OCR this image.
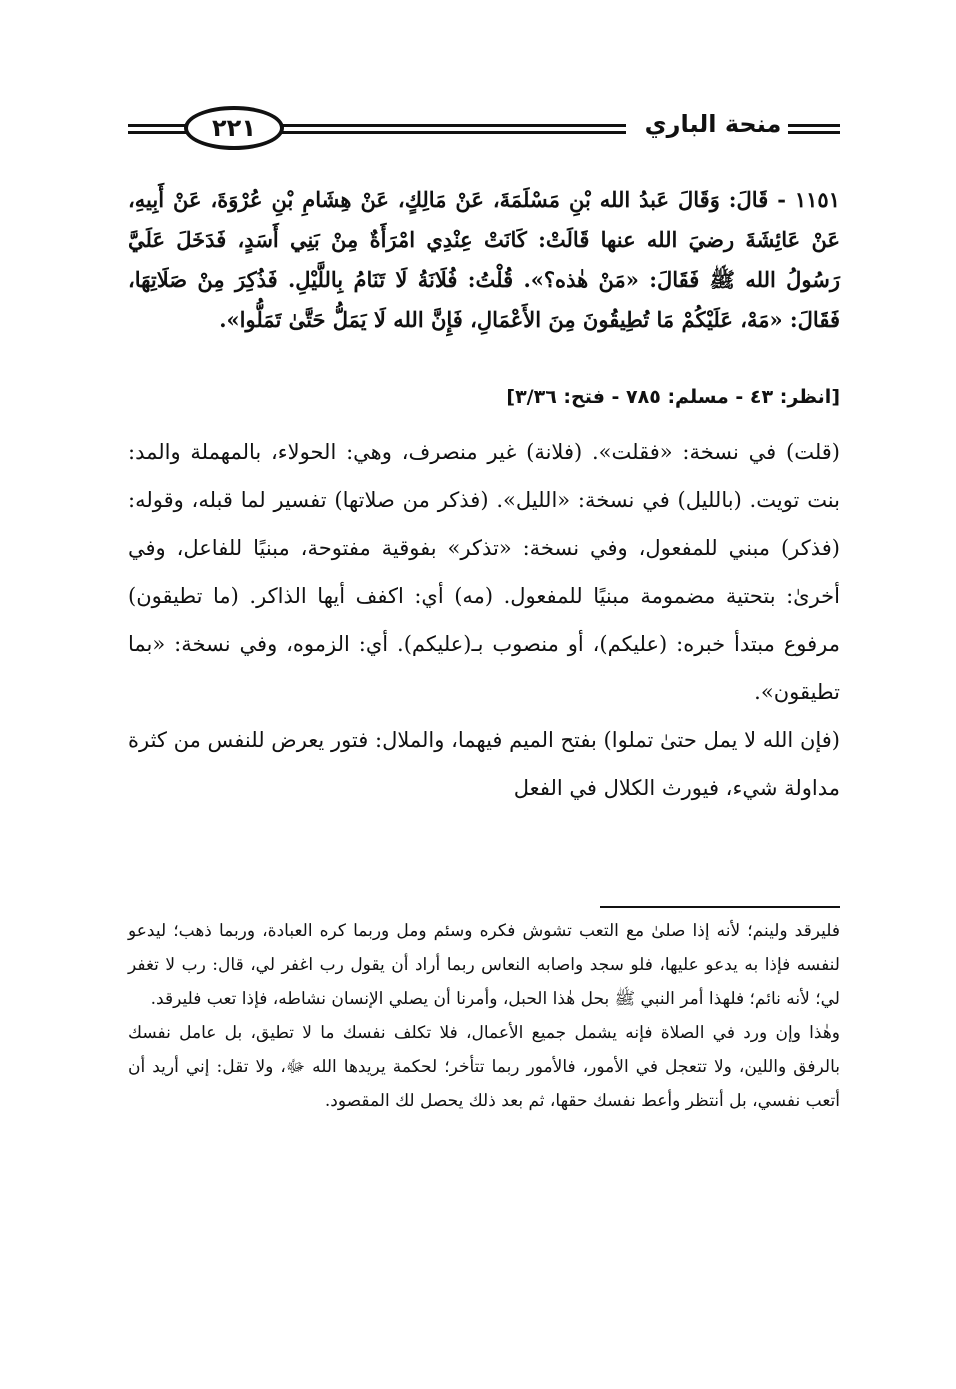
٢٢١	منحة الباري

١١٥١ - قَالَ: وَقَالَ عَبدُ الله بْنِ مَسْلَمَةَ، عَنْ مَالِكٍ، عَنْ هِشَامِ بْنِ عُرْوَةَ، عَنْ أَبِيهِ، عَنْ عَائِشَةَ رضيَ الله عنها قَالَتْ: كَانَتْ عِنْدِي امْرَأَةٌ مِنْ بَنِي أَسَدٍ، فَدَخَلَ عَلَيَّ رَسُولُ الله ﷺ فَقَالَ: «مَنْ هٰذه؟». قُلْتُ: فُلَانَةُ لَا تَنَامُ بِاللَّيْلِ. فَذُكِرَ مِنْ صَلَاتِهَا، فَقَالَ: «مَهْ، عَلَيْكُمْ مَا تُطِيقُونَ مِنَ الأَعْمَالِ، فَإِنَّ الله لَا يَمَلُّ حَتَّىٰ تَمَلُّوا».

[انظر: ٤٣ - مسلم: ٧٨٥ - فتح: ٣/٣٦]

(قلت) في نسخة: «فقلت». (فلانة) غير منصرف، وهي: الحولاء، بالمهملة والمد: بنت تويت. (بالليل) في نسخة: «الليل». (فذكر من صلاتها) تفسير لما قبله، وقوله: (فذكر) مبني للمفعول، وفي نسخة: «تذكر» بفوقية مفتوحة، مبنيًا للفاعل، وفي أخرىٰ: بتحتية مضمومة مبنيًا للمفعول. (مه) أي: اكفف أيها الذاكر. (ما تطيقون) مرفوع مبتدأ خبره: (عليكم)، أو منصوب بـ(عليكم). أي: الزموه، وفي نسخة: «بما تطيقون».

(فإن الله لا يمل حتىٰ تملوا) بفتح الميم فيهما، والملال: فتور يعرض للنفس من كثرة مداولة شيء، فيورث الكلال في الفعل

فليرقد ولينم؛ لأنه إذا صلىٰ مع التعب تشوش فكره وسئم ومل وربما كره العبادة، وربما ذهب؛ ليدعو لنفسه فإذا به يدعو عليها، فلو سجد واصابه النعاس ربما أراد أن يقول رب اغفر لي، قال: رب لا تغفر لي؛ لأنه نائم؛ فلهذا أمر النبي ﷺ بحل هٰذا الحبل، وأمرنا أن يصلي الإنسان نشاطه، فإذا تعب فليرقد.

وهٰذا وإن ورد في الصلاة فإنه يشمل جميع الأعمال، فلا تكلف نفسك ما لا تطيق، بل عامل نفسك بالرفق واللين، ولا تتعجل في الأمور، فالأمور ربما تتأخر؛ لحكمة يريدها الله ﷻ، ولا تقل: إني أريد أن أتعب نفسي، بل أنتظر وأعط نفسك حقها، ثم بعد ذلك يحصل لك المقصود.
